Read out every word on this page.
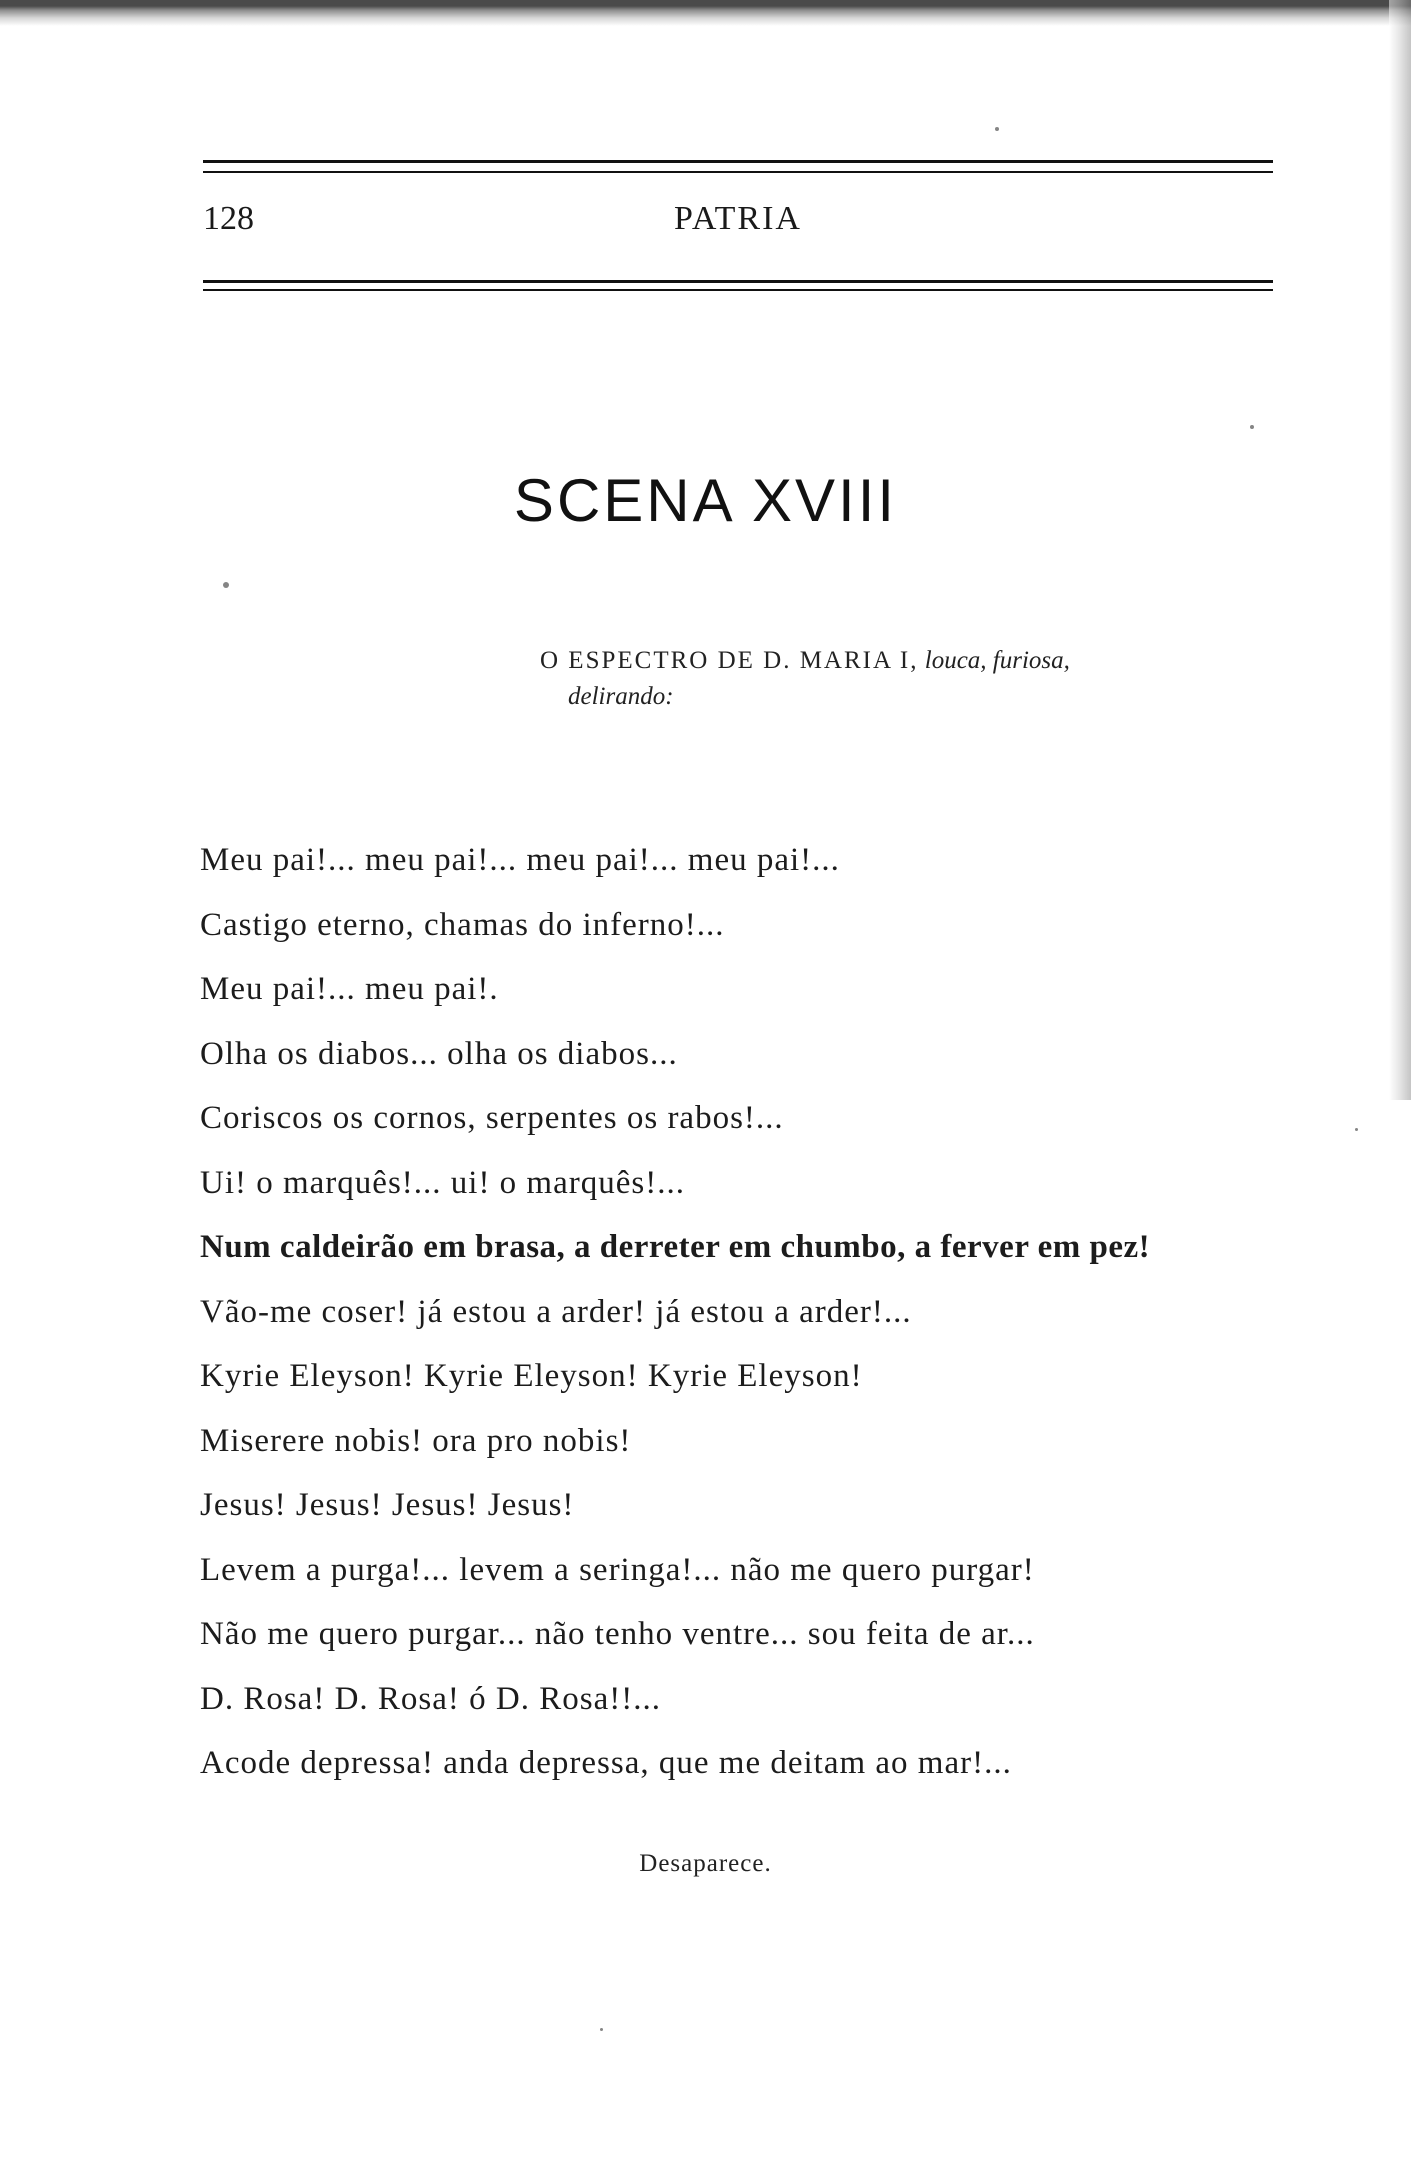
128	PATRIA
SCENA XVIII
O ESPECTRO DE D. MARIA I, louca, furiosa,
delirando:
Meu pai!... meu pai!... meu pai!... meu pai!...
Castigo eterno, chamas do inferno!...
Meu pai!... meu pai!.
Olha os diabos... olha os diabos...
Coriscos os cornos, serpentes os rabos!...
Ui! o marquês!... ui! o marquês!...
Num caldeirão em brasa, a derreter em chumbo, a ferver em pez!
Vão-me coser! já estou a arder! já estou a arder!...
Kyrie Eleyson! Kyrie Eleyson! Kyrie Eleyson!
Miserere nobis! ora pro nobis!
Jesus! Jesus! Jesus! Jesus!
Levem a purga!... levem a seringa!... não me quero purgar!
Não me quero purgar... não tenho ventre... sou feita de ar...
D. Rosa! D. Rosa! ó D. Rosa!!...
Acode depressa! anda depressa, que me deitam ao mar!...
Desaparece.
